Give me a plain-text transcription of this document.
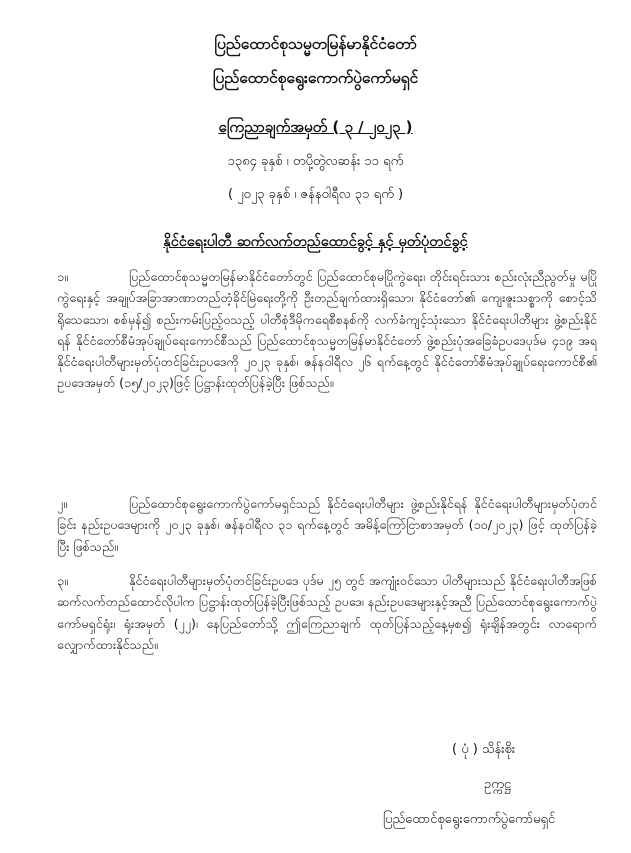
ပြည်ထောင်စုသမ္မတမြန်မာနိုင်ငံတော်
ပြည်ထောင်စုရွေးကောက်ပွဲကော်မရှင်
ကြေညာချက်အမှတ် ( ၃ / ၂၀၂၃ )
၁၃၈၄ ခုနှစ် ၊ တပို့တွဲလဆန်း ၁၁ ရက်
( ၂၀၂၃ ခုနှစ် ၊ ဇန်နဝါရီလ ၃၁ ရက် )
နိုင်ငံရေးပါတီ ဆက်လက်တည်ထောင်ခွင့် နှင့် မှတ်ပုံတင်ခွင့်
၁။	ပြည်ထောင်စုသမ္မတမြန်မာနိုင်ငံတော်တွင် ပြည်ထောင်စုမပြိုကွဲရေး၊ တိုင်းရင်းသား စည်းလုံးညီညွတ်မှု မပြိုကွဲရေးနှင့် အချုပ်အခြာအာဏာတည်တံ့ခိုင်မြဲရေးတို့ကို ဦးတည်ချက်ထားရှိသော၊ နိုင်ငံတော်၏ ကျေးဇူးသစ္စာကို စောင့်သိရိုသေသော၊ စစ်မှန်၍ စည်းကမ်းပြည့်ဝသည့် ပါတီစုံဒီမိုကရေစီစနစ်ကို လက်ခံကျင့်သုံးသော နိုင်ငံရေးပါတီများ ဖွဲ့စည်းနိုင်ရန် နိုင်ငံတော်စီမံအုပ်ချုပ်ရေးကောင်စီသည် ပြည်ထောင်စုသမ္မတမြန်မာနိုင်ငံတော် ဖွဲ့စည်းပုံအခြေခံဥပဒေပုဒ်မ ၄၁၉ အရ နိုင်ငံရေးပါတီများမှတ်ပုံတင်ခြင်းဥပဒေကို ၂၀၂၃ ခုနှစ်၊ ဇန်နဝါရီလ ၂၆ ရက်နေ့တွင် နိုင်ငံတော်စီမံအုပ်ချုပ်ရေးကောင်စီ၏ ဥပဒေအမှတ် (၁၅/၂၀၂၃)ဖြင့် ပြဋ္ဌာန်းထုတ်ပြန်ခဲ့ပြီး ဖြစ်သည်။
၂။	ပြည်ထောင်စုရွေးကောက်ပွဲကော်မရှင်သည် နိုင်ငံရေးပါတီများ ဖွဲ့စည်းနိုင်ရန် နိုင်ငံရေးပါတီများမှတ်ပုံတင်ခြင်း နည်းဥပဒေများကို ၂၀၂၃ ခုနှစ်၊ ဇန်နဝါရီလ ၃၁ ရက်နေ့တွင် အမိန့်ကြော်ငြာစာအမှတ် (၁၀/၂၀၂၃) ဖြင့် ထုတ်ပြန်ခဲ့ပြီး ဖြစ်သည်။
၃။	နိုင်ငံရေးပါတီများမှတ်ပုံတင်ခြင်းဥပဒေ ပုဒ်မ ၂၅ တွင် အကျုံးဝင်သော ပါတီများသည် နိုင်ငံရေးပါတီအဖြစ် ဆက်လက်တည်ထောင်လိုပါက ပြဋ္ဌာန်းထုတ်ပြန်ခဲ့ပြီးဖြစ်သည့် ဥပဒေ၊ နည်းဥပဒေများနှင့်အညီ ပြည်ထောင်စုရွေးကောက်ပွဲကော်မရှင်ရုံး၊ ရုံးအမှတ် (၂၂)၊ နေပြည်တော်သို့ ဤကြေညာချက် ထုတ်ပြန်သည့်နေ့မှစ၍ ရုံးချိန်အတွင်း လာရောက်လျှောက်ထားနိုင်သည်။
( ပုံ ) သိန်းစိုး
ဥက္ကဋ္ဌ
ပြည်ထောင်စုရွေးကောက်ပွဲကော်မရှင်
